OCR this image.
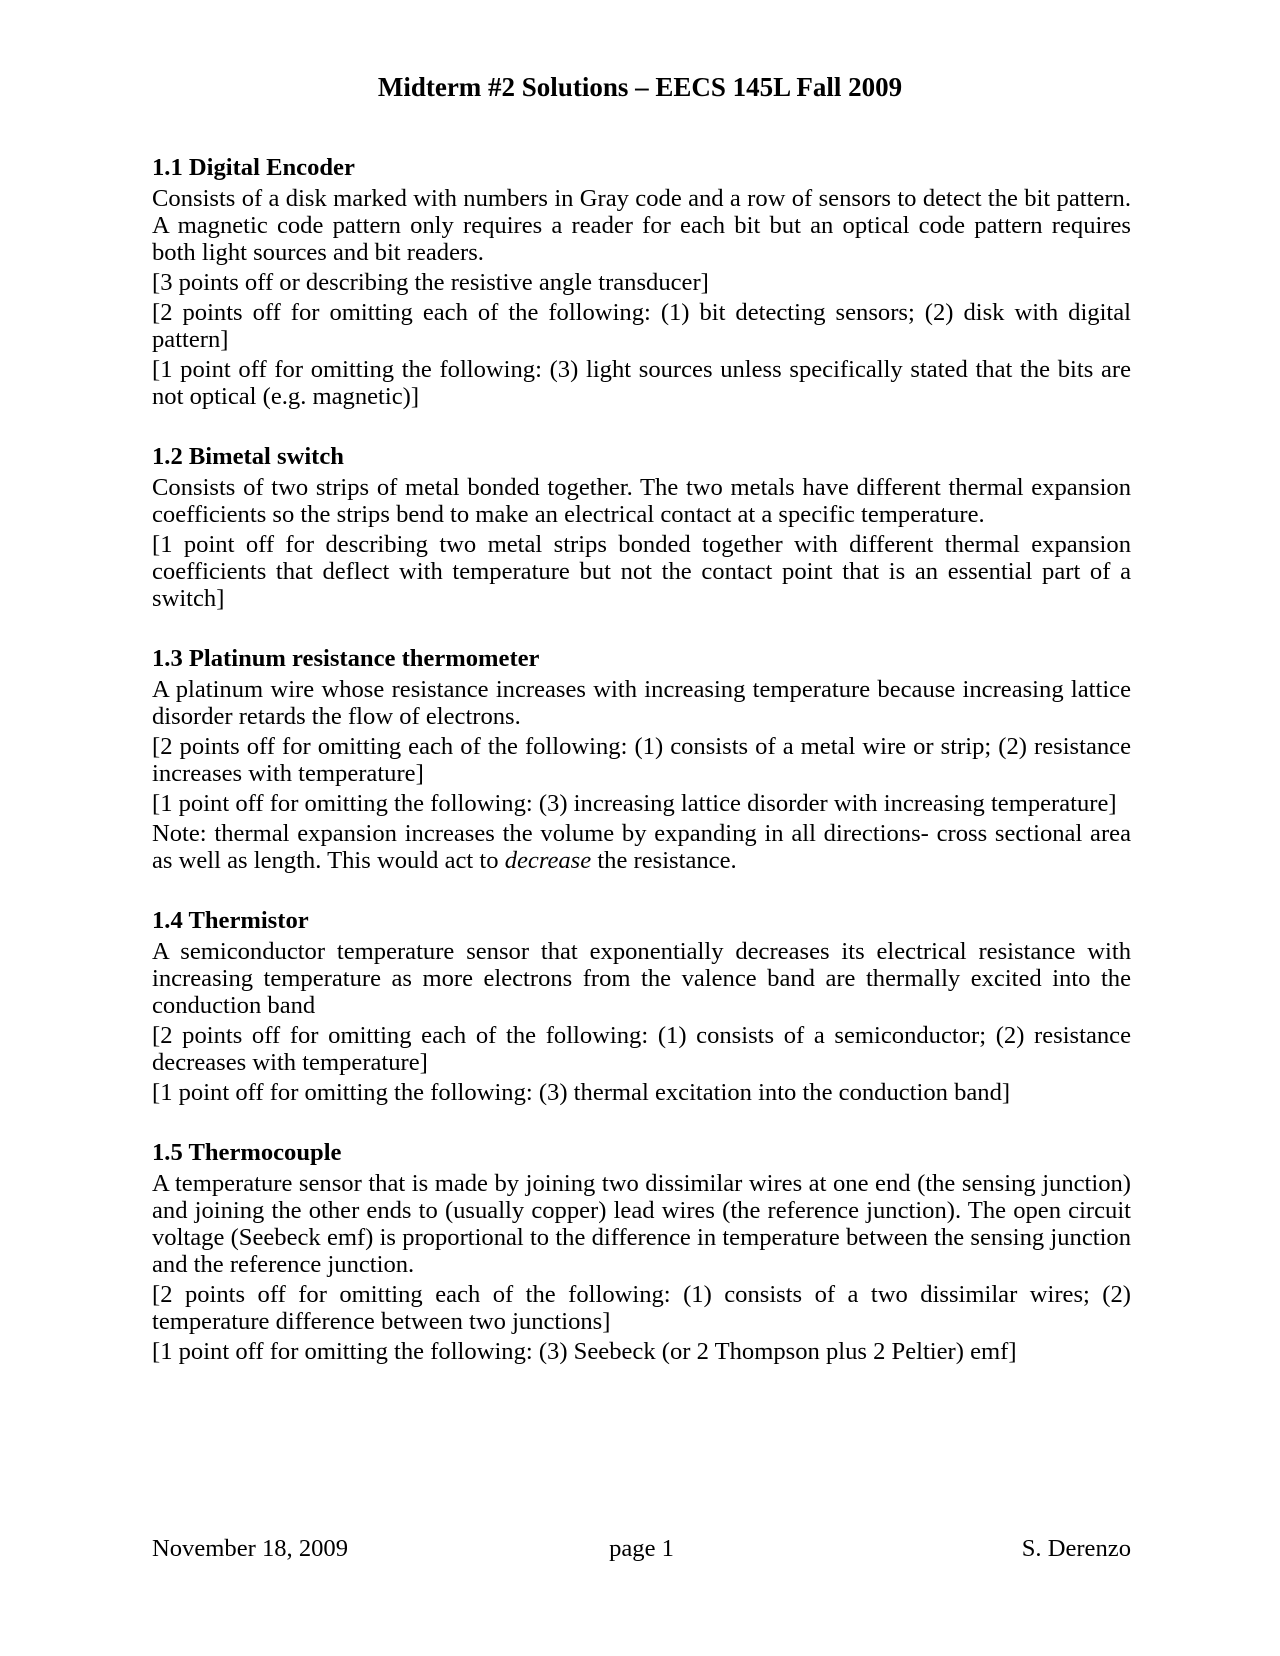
Midterm #2 Solutions – EECS 145L Fall 2009
1.1 Digital Encoder

Consists of a disk marked with numbers in Gray code and a row of sensors to detect the bit pattern. A magnetic code pattern only requires a reader for each bit but an optical code pattern requires both light sources and bit readers.

[3 points off or describing the resistive angle transducer]

[2 points off for omitting each of the following: (1) bit detecting sensors; (2) disk with digital pattern]

[1 point off for omitting the following: (3) light sources unless specifically stated that the bits are not optical (e.g. magnetic)]

1.2 Bimetal switch

Consists of two strips of metal bonded together. The two metals have different thermal expansion coefficients so the strips bend to make an electrical contact at a specific temperature.

[1 point off for describing two metal strips bonded together with different thermal expansion coefficients that deflect with temperature but not the contact point that is an essential part of a switch]

1.3 Platinum resistance thermometer

A platinum wire whose resistance increases with increasing temperature because increasing lattice disorder retards the flow of electrons.

[2 points off for omitting each of the following: (1) consists of a metal wire or strip; (2) resistance increases with temperature]

[1 point off for omitting the following: (3) increasing lattice disorder with increasing temperature]

Note: thermal expansion increases the volume by expanding in all directions- cross sectional area as well as length. This would act to decrease the resistance.

1.4 Thermistor

A semiconductor temperature sensor that exponentially decreases its electrical resistance with increasing temperature as more electrons from the valence band are thermally excited into the conduction band

[2 points off for omitting each of the following: (1) consists of a semiconductor; (2) resistance decreases with temperature]

[1 point off for omitting the following: (3) thermal excitation into the conduction band]

1.5 Thermocouple

A temperature sensor that is made by joining two dissimilar wires at one end (the sensing junction) and joining the other ends to (usually copper) lead wires (the reference junction). The open circuit voltage (Seebeck emf) is proportional to the difference in temperature between the sensing junction and the reference junction.

[2 points off for omitting each of the following: (1) consists of a two dissimilar wires; (2) temperature difference between two junctions]

[1 point off for omitting the following: (3) Seebeck (or 2 Thompson plus 2 Peltier) emf]

November 18, 2009	page 1	S. Derenzo
